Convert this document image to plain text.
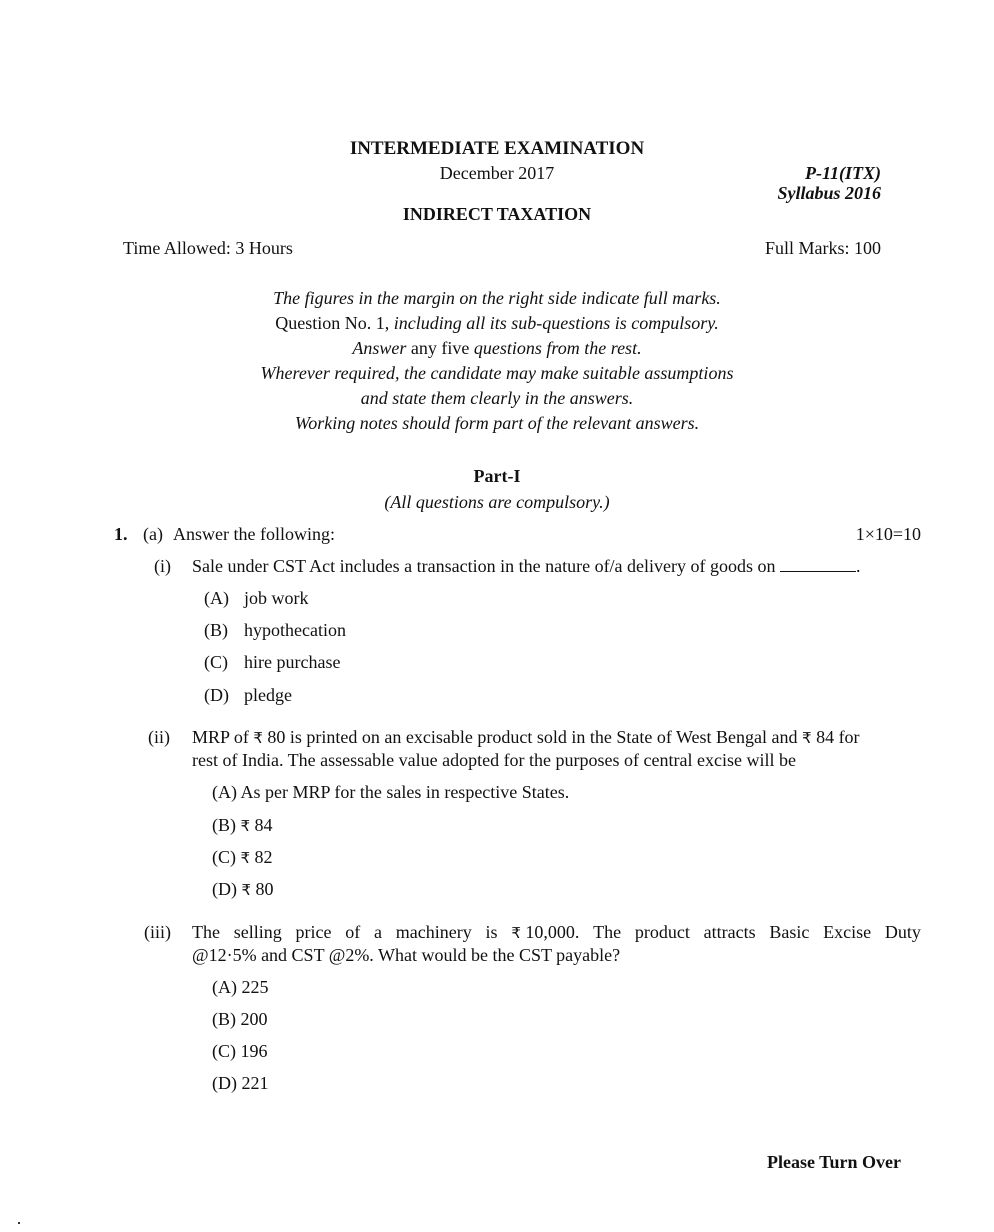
INTERMEDIATE EXAMINATION
December 2017	P-11(ITX)
Syllabus 2016
INDIRECT TAXATION
Time Allowed: 3 Hours	Full Marks: 100
The figures in the margin on the right side indicate full marks.
Question No. 1, including all its sub-questions is compulsory.
Answer any five questions from the rest.
Wherever required, the candidate may make suitable assumptions
and state them clearly in the answers.
Working notes should form part of the relevant answers.
Part-I
(All questions are compulsory.)
1. (a) Answer the following:	1×10=10
(i) Sale under CST Act includes a transaction in the nature of/a delivery of goods on	.
(A) job work
(B) hypothecation
(C) hire purchase
(D) pledge
(ii) MRP of ₹ 80 is printed on an excisable product sold in the State of West Bengal and ₹ 84 for
rest of India. The assessable value adopted for the purposes of central excise will be
(A) As per MRP for the sales in respective States.
(B) ₹ 84
(C) ₹ 82
(D) ₹ 80
(iii) The selling price of a machinery is ₹ 10,000. The product attracts Basic Excise Duty
@12·5% and CST @2%. What would be the CST payable?
(A) 225
(B) 200
(C) 196
(D) 221
Please Turn Over
